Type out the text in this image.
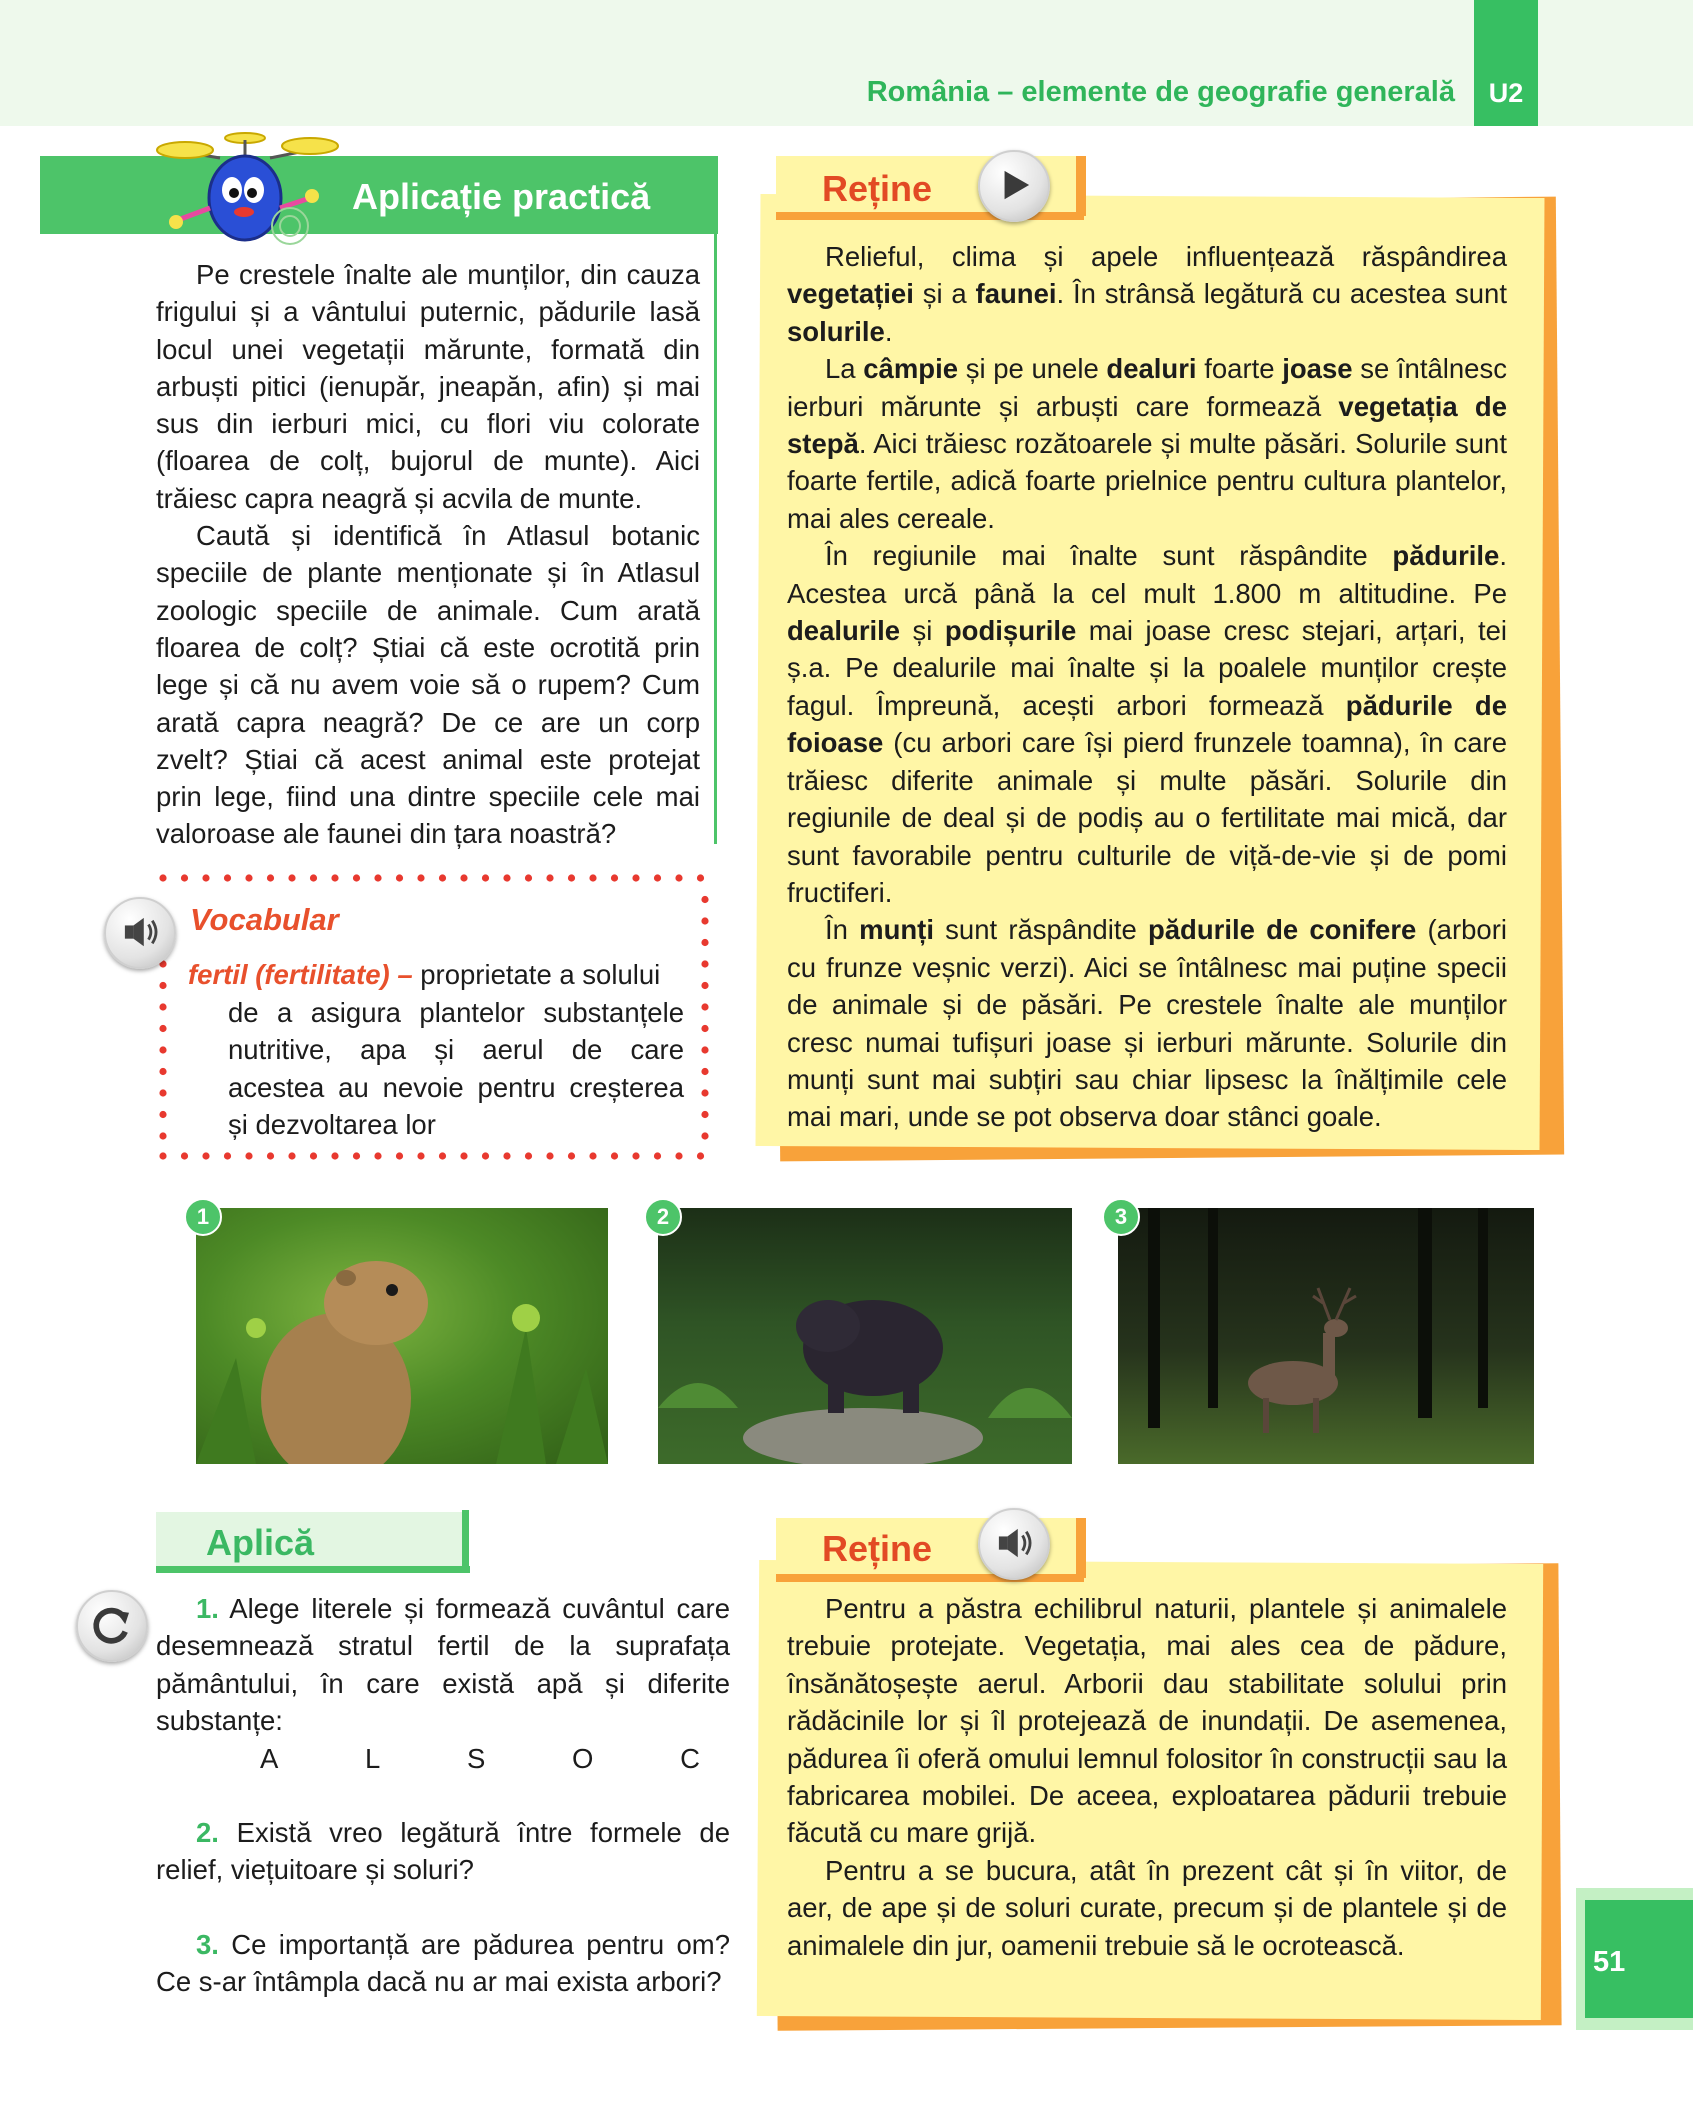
România – elemente de geografie generală	U2
Aplicație practică

Pe crestele înalte ale munților, din cauza frigului și a vântului puternic, pădurile lasă locul unei vegetații mărunte, formată din arbuști pitici (ienupăr, jneapăn, afin) și mai sus din ierburi mici, cu flori viu colorate (floarea de colț, bujorul de munte). Aici trăiesc capra neagră și acvila de munte.

Caută și identifică în Atlasul botanic speciile de plante menționate și în Atlasul zoologic speciile de animale. Cum arată floarea de colț? Știai că este ocrotită prin lege și că nu avem voie să o rupem? Cum arată capra neagră? De ce are un corp zvelt? Știai că acest animal este protejat prin lege, fiind una dintre speciile cele mai valoroase ale faunei din țara noastră?

Vocabular
fertil (fertilitate) – proprietate a solului
de a asigura plantelor substanțele nutritive, apa și aerul de care acestea au nevoie pentru creșterea și dezvoltarea lor
Reține

Relieful, clima și apele influențează răspândirea vegetației și a faunei. În strânsă legătură cu acestea sunt solurile.

La câmpie și pe unele dealuri foarte joase se întâlnesc ierburi mărunte și arbuști care formează vegetația de stepă. Aici trăiesc rozătoarele și multe păsări. Solurile sunt foarte fertile, adică foarte prielnice pentru cultura plantelor, mai ales cereale.

În regiunile mai înalte sunt răspândite pădurile. Acestea urcă până la cel mult 1.800 m altitudine. Pe dealurile și podișurile mai joase cresc stejari, arțari, tei ș.a. Pe dealurile mai înalte și la poalele munților crește fagul. Împreună, acești arbori formează pădurile de foioase (cu arbori care își pierd frunzele toamna), în care trăiesc diferite animale și multe păsări. Solurile din regiunile de deal și de podiș au o fertilitate mai mică, dar sunt favorabile pentru culturile de viță-de-vie și de pomi fructiferi.

În munți sunt răspândite pădurile de conifere (arbori cu frunze veșnic verzi). Aici se întâlnesc mai puține specii de animale și de păsări. Pe crestele înalte ale munților cresc numai tufișuri joase și ierburi mărunte. Solurile din munți sunt mai subțiri sau chiar lipsesc la înălțimile cele mai mari, unde se pot observa doar stânci goale.

1	2	3
Aplică

1. Alege literele și formează cuvântul care desemnează stratul fertil de la suprafața pământului, în care există apă și diferite substanțe:

A	L	S	O	C

2. Există vreo legătură între formele de relief, viețuitoare și soluri?

3. Ce importanță are pădurea pentru om? Ce s-ar întâmpla dacă nu ar mai exista arbori?

Reține

Pentru a păstra echilibrul naturii, plantele și animalele trebuie protejate. Vegetația, mai ales cea de pădure, însănătoșește aerul. Arborii dau stabilitate solului prin rădăcinile lor și îl protejează de inundații. De asemenea, pădurea îi oferă omului lemnul folositor în construcții sau la fabricarea mobilei. De aceea, exploatarea pădurii trebuie făcută cu mare grijă.

Pentru a se bucura, atât în prezent cât și în viitor, de aer, de ape și de soluri curate, precum și de plantele și de animalele din jur, oamenii trebuie să le ocrotească.

51
